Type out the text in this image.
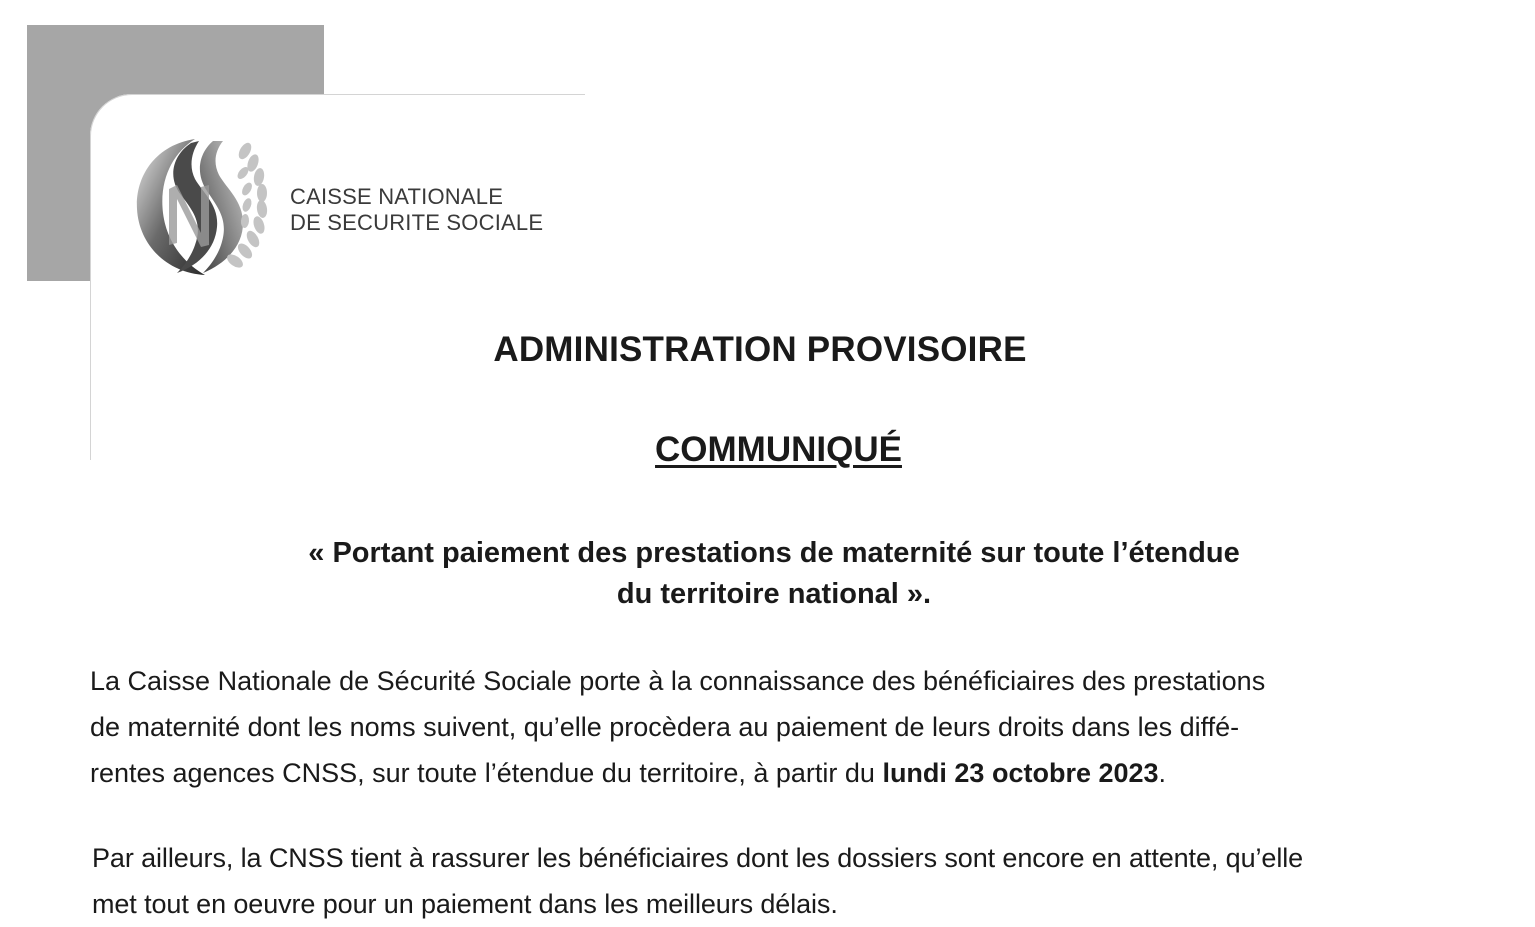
CAISSE NATIONALE
DE SECURITE SOCIALE
ADMINISTRATION PROVISOIRE
COMMUNIQUÉ
« Portant paiement des prestations de maternité sur toute l’étendue
du territoire national ».
La Caisse Nationale de Sécurité Sociale porte à la connaissance des bénéficiaires des prestations
de maternité dont les noms suivent, qu’elle procèdera au paiement de leurs droits dans les diffé-
rentes agences CNSS, sur toute l’étendue du territoire, à partir du lundi 23 octobre 2023.
Par ailleurs, la CNSS tient à rassurer les bénéficiaires dont les dossiers sont encore en attente, qu’elle
met tout en oeuvre pour un paiement dans les meilleurs délais.
